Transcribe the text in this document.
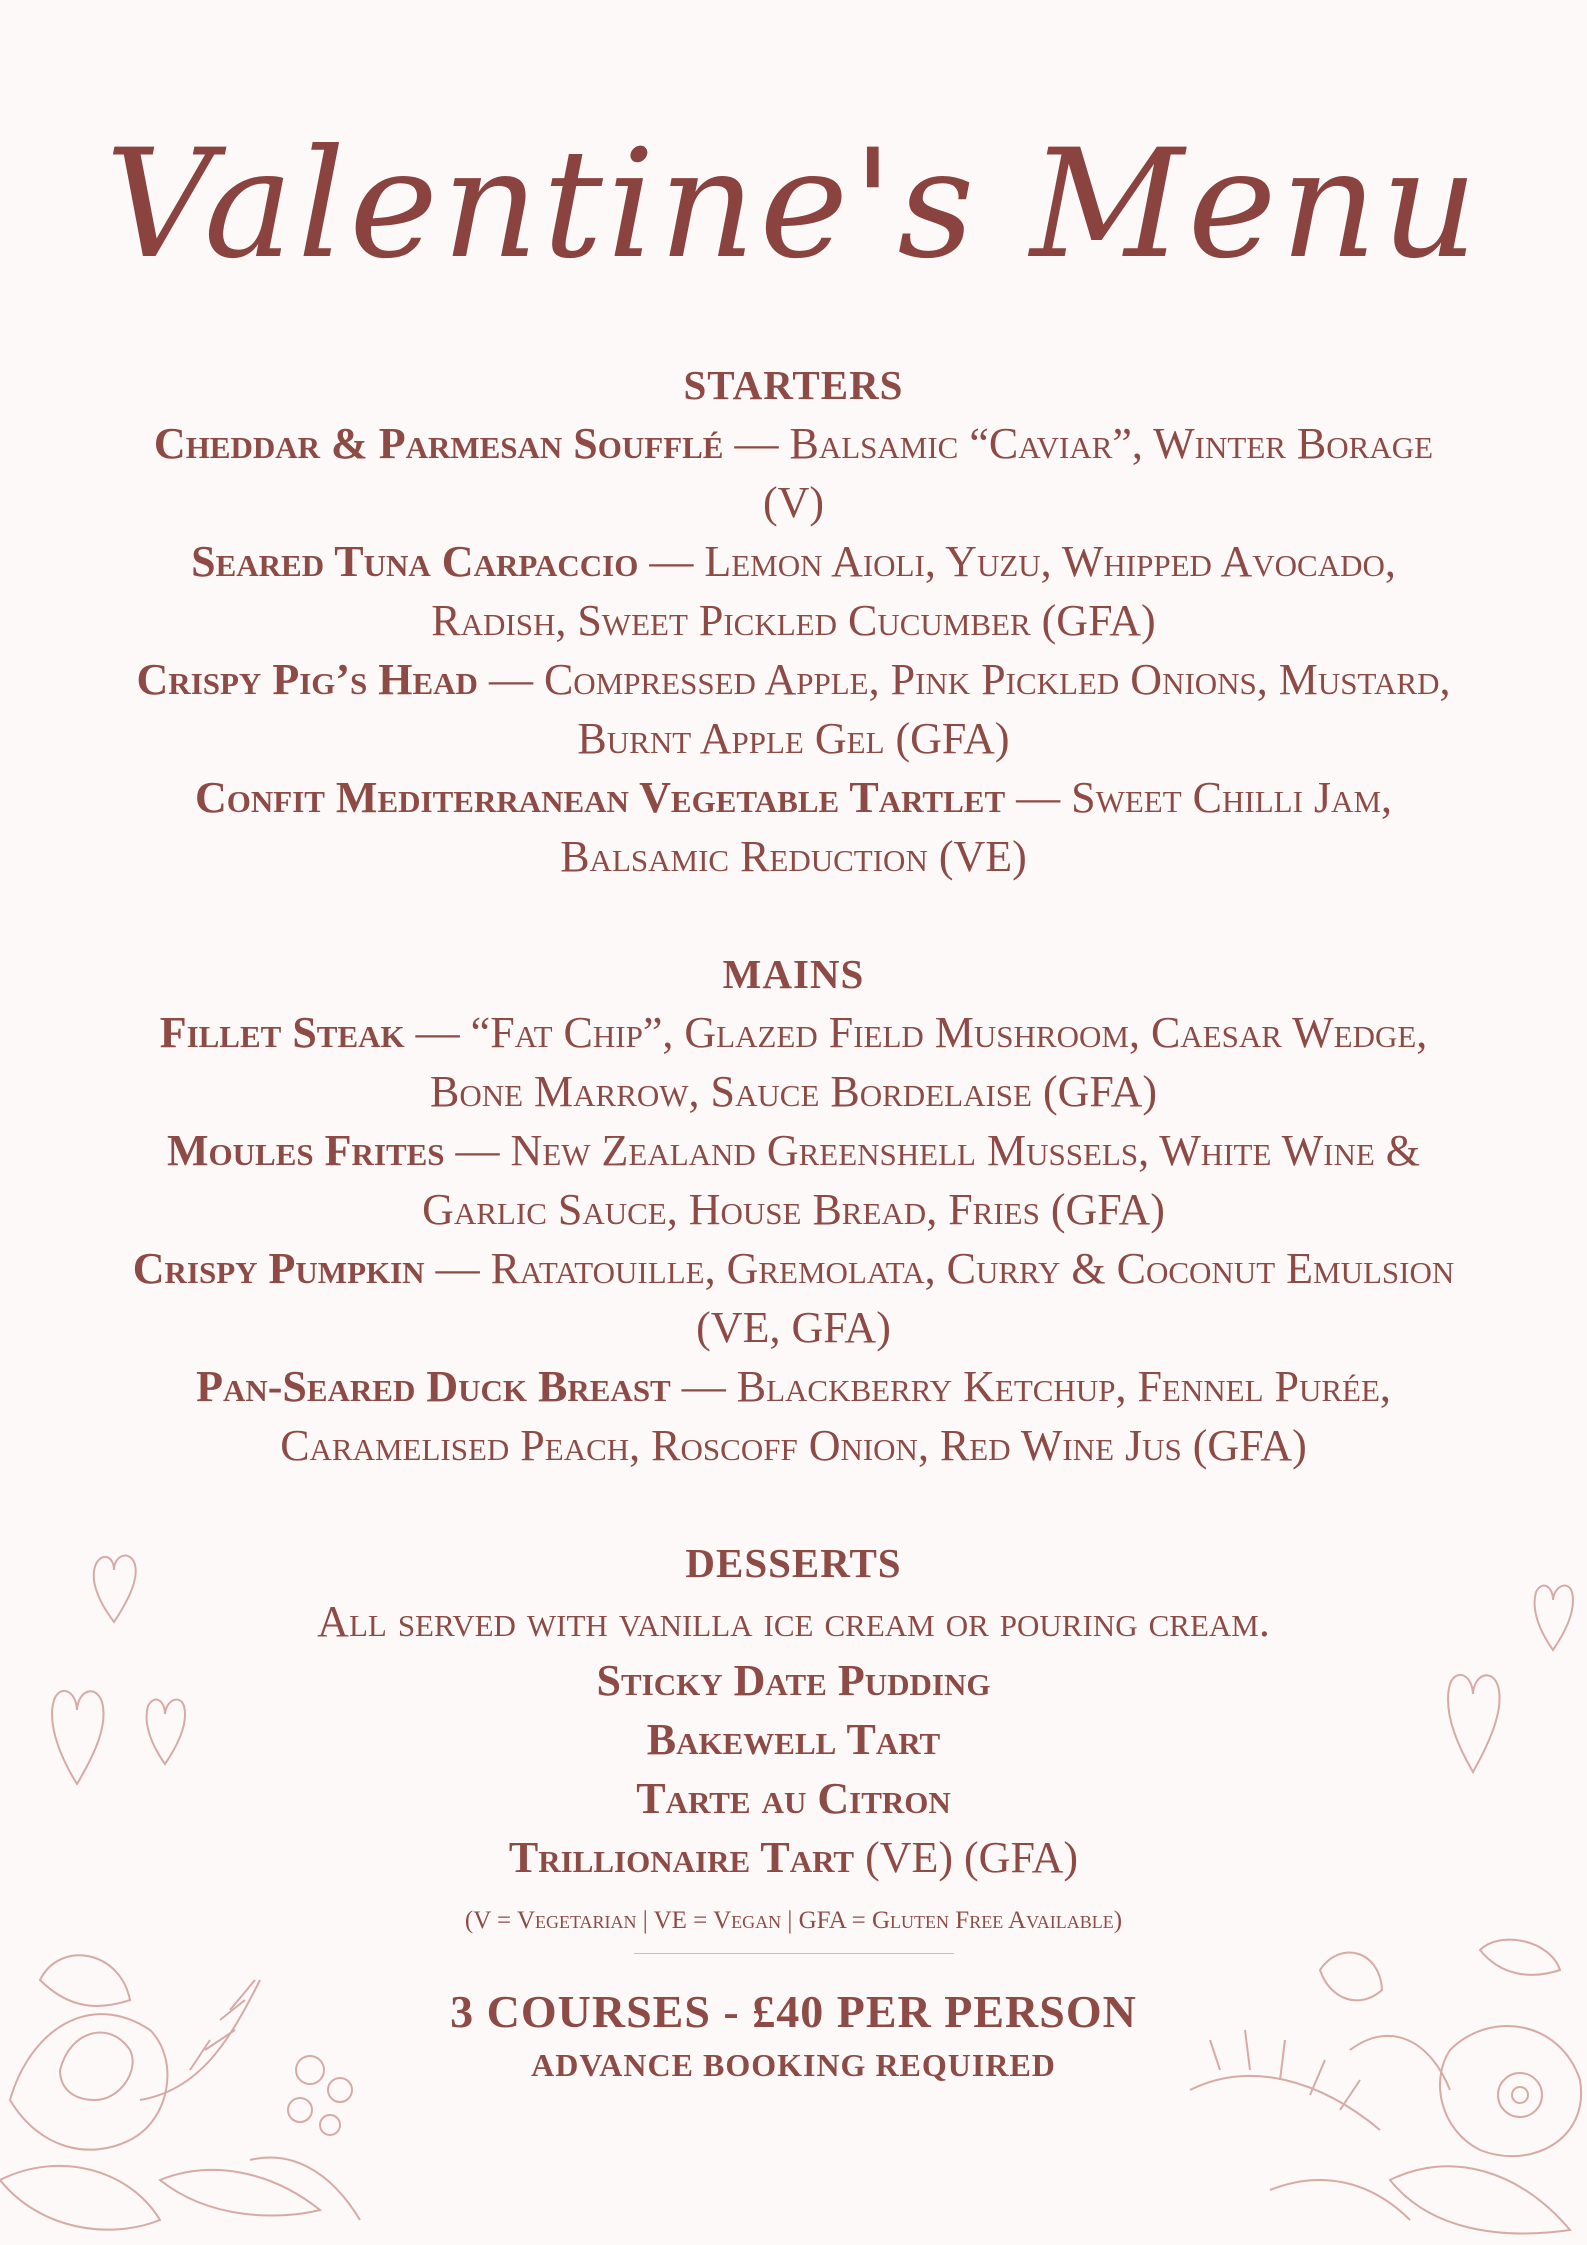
Valentine's Menu
STARTERS
Cheddar & Parmesan Soufflé — Balsamic “Caviar”, Winter Borage (V)
Seared Tuna Carpaccio — Lemon Aioli, Yuzu, Whipped Avocado, Radish, Sweet Pickled Cucumber (GFA)
Crispy Pig’s Head — Compressed Apple, Pink Pickled Onions, Mustard, Burnt Apple Gel (GFA)
Confit Mediterranean Vegetable Tartlet — Sweet Chilli Jam, Balsamic Reduction (VE)
MAINS
Fillet Steak — “Fat Chip”, Glazed Field Mushroom, Caesar Wedge, Bone Marrow, Sauce Bordelaise (GFA)
Moules Frites — New Zealand Greenshell Mussels, White Wine & Garlic Sauce, House Bread, Fries (GFA)
Crispy Pumpkin — Ratatouille, Gremolata, Curry & Coconut Emulsion (VE, GFA)
Pan-Seared Duck Breast — Blackberry Ketchup, Fennel Purée, Caramelised Peach, Roscoff Onion, Red Wine Jus (GFA)
DESSERTS
All served with vanilla ice cream or pouring cream.
Sticky Date Pudding
Bakewell Tart
Tarte au Citron
Trillionaire Tart (VE) (GFA)
(V = Vegetarian | VE = Vegan | GFA = Gluten Free Available)
3 COURSES - £40 PER PERSON
ADVANCE BOOKING REQUIRED
